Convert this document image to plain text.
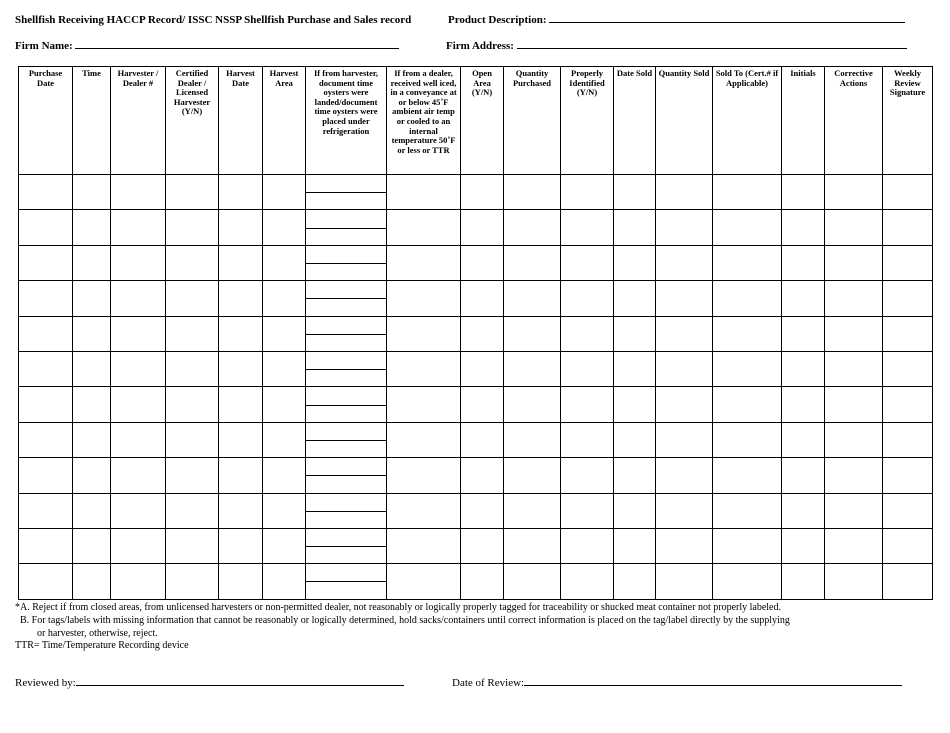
Shellfish Receiving HACCP Record/ ISSC NSSP Shellfish Purchase and Sales record	Product Description:
Firm Name:	Firm Address:
Purchase Date	Time	Harvester / Dealer #	Certified Dealer / Licensed Harvester (Y/N)	Harvest Date	Harvest Area	If from harvester, document time oysters were landed/document time oysters were placed under refrigeration	If from a dealer, received well iced, in a conveyance at or below 45˚F ambient air temp or cooled to an internal temperature 50˚F or less or TTR	Open Area (Y/N)	Quantity Purchased	Properly Identified (Y/N)	Date Sold	Quantity Sold	Sold To (Cert.# if Applicable)	Initials	Corrective Actions	Weekly Review Signature

*A. Reject if from closed areas, from unlicensed harvesters or non-permitted dealer, not reasonably or logically properly tagged for traceability or shucked meat container not properly labeled.
B. For tags/labels with missing information that cannot be reasonably or logically determined, hold sacks/containers until correct information is placed on the tag/label directly by the supplying
or harvester, otherwise, reject.
TTR= Time/Temperature Recording device
Reviewed by:	Date of Review:
